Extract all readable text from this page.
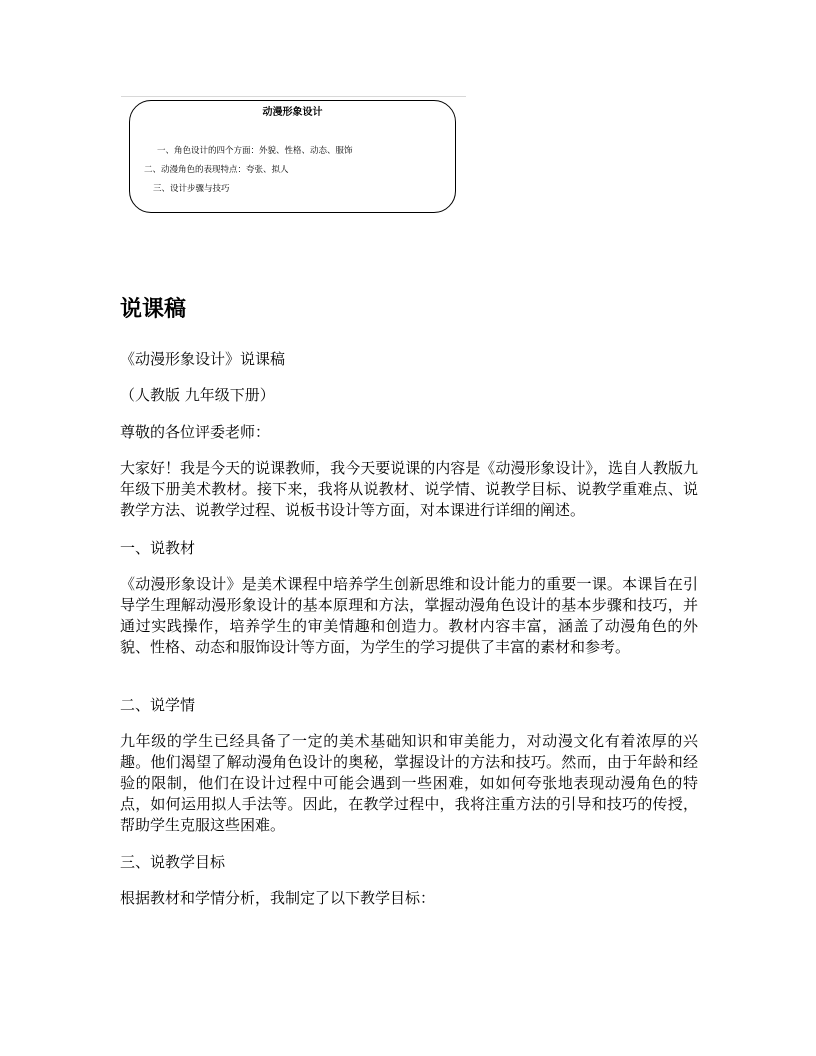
动漫形象设计
一、角色设计的四个方面：外貌、性格、动态、服饰
二、动漫角色的表现特点：夸张、拟人
三、设计步骤与技巧
说课稿

《动漫形象设计》说课稿

（人教版 九年级下册）

尊敬的各位评委老师：

大家好！我是今天的说课教师，我今天要说课的内容是《动漫形象设计》，选自人教版九年级下册美术教材。接下来，我将从说教材、说学情、说教学目标、说教学重难点、说教学方法、说教学过程、说板书设计等方面，对本课进行详细的阐述。

一、说教材

《动漫形象设计》是美术课程中培养学生创新思维和设计能力的重要一课。本课旨在引导学生理解动漫形象设计的基本原理和方法，掌握动漫角色设计的基本步骤和技巧，并通过实践操作，培养学生的审美情趣和创造力。教材内容丰富，涵盖了动漫角色的外貌、性格、动态和服饰设计等方面，为学生的学习提供了丰富的素材和参考。

二、说学情

九年级的学生已经具备了一定的美术基础知识和审美能力，对动漫文化有着浓厚的兴趣。他们渴望了解动漫角色设计的奥秘，掌握设计的方法和技巧。然而，由于年龄和经验的限制，他们在设计过程中可能会遇到一些困难，如如何夸张地表现动漫角色的特点，如何运用拟人手法等。因此，在教学过程中，我将注重方法的引导和技巧的传授，帮助学生克服这些困难。

三、说教学目标

根据教材和学情分析，我制定了以下教学目标：
